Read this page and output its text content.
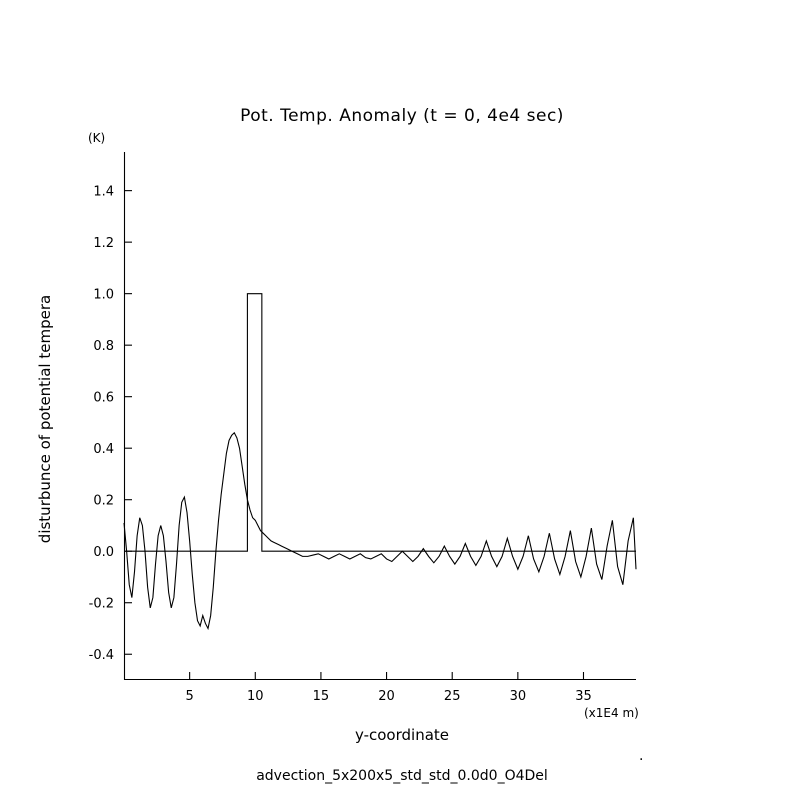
Pot. Temp. Anomaly (t = 0, 4e4 sec)
(K)
(x1E4 m)
y-coordinate
disturbunce of potential tempera
.
advection_5x200x5_std_std_0.0d0_O4Del
5	10	15	20	25	30	35
-0.4
-0.2
0.0
0.2
0.4
0.6
0.8
1.0
1.2
1.4
